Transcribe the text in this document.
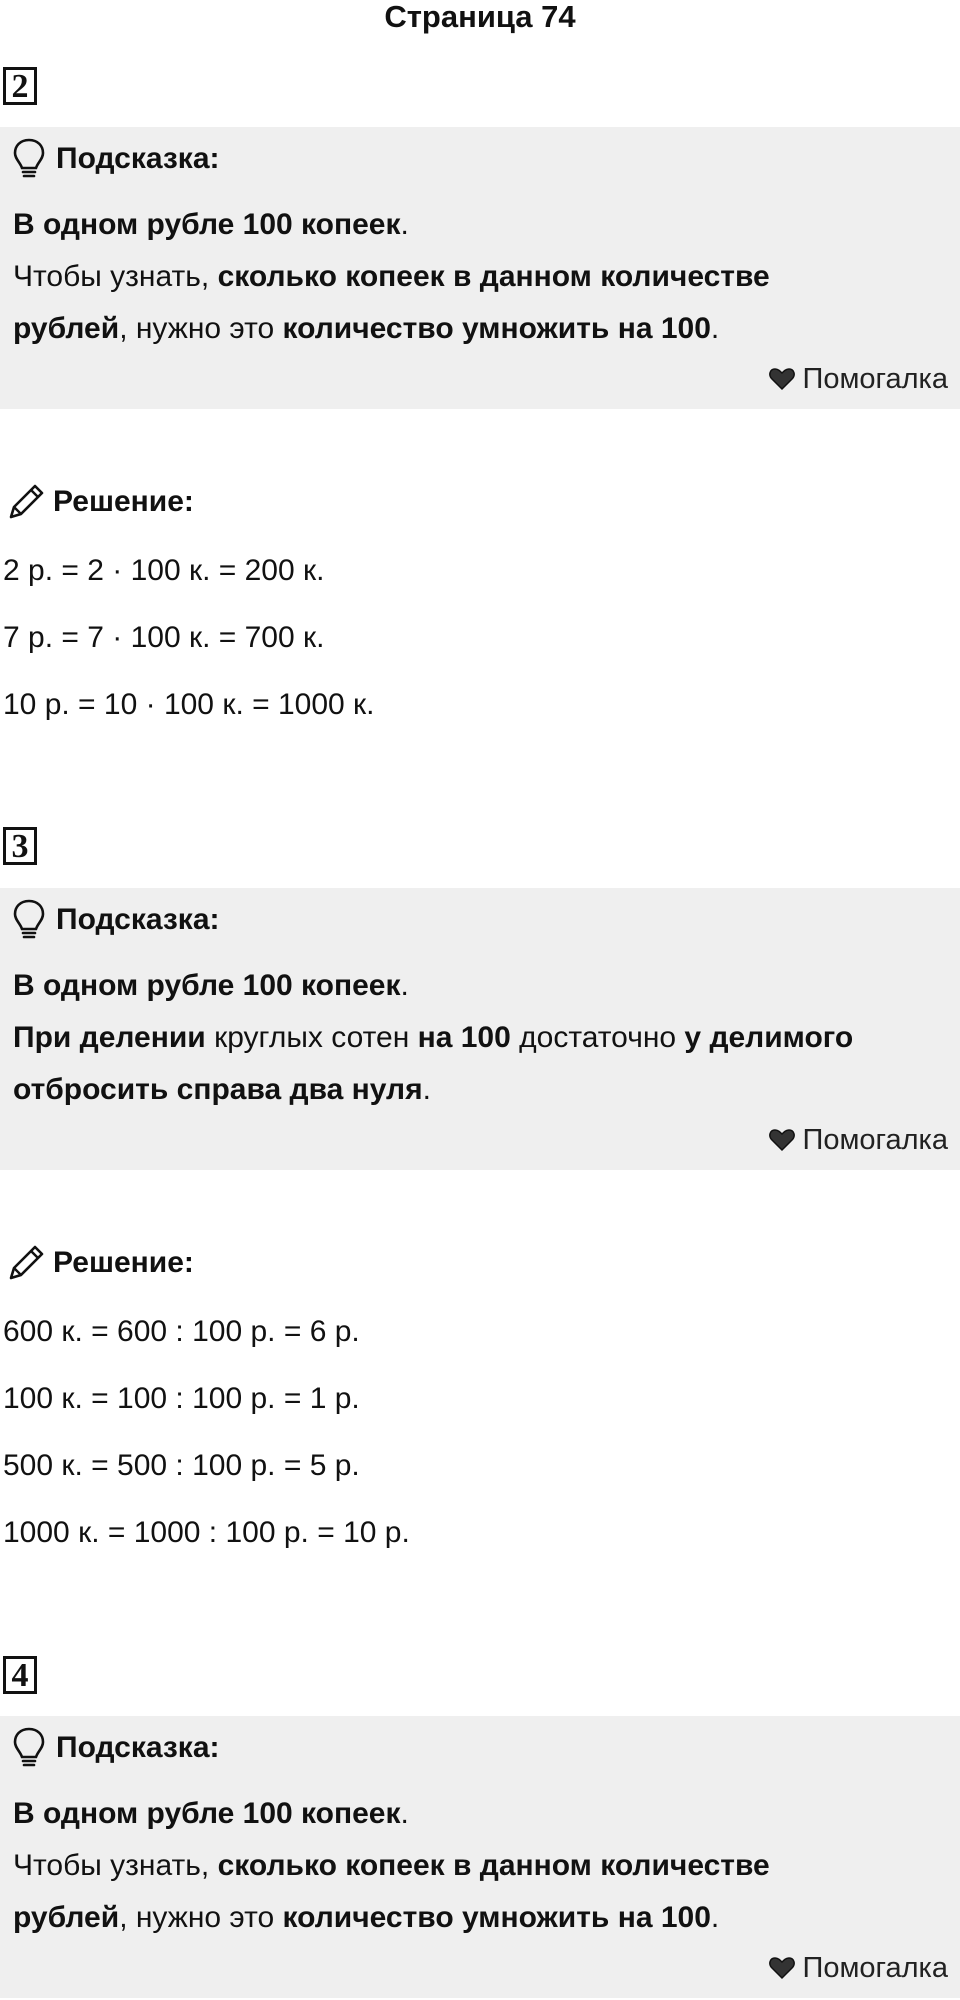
Страница 74
2
Подсказка:

В одном рубле 100 копеек.

Чтобы узнать, сколько копеек в данном количестве

рублей, нужно это количество умножить на 100.

Помогалка
Решение:
2 р. = 2 · 100 к. = 200 к.
7 р. = 7 · 100 к. = 700 к.
10 р. = 10 · 100 к. = 1000 к.
3
Подсказка:

В одном рубле 100 копеек.

При делении круглых сотен на 100 достаточно у делимого

отбросить справа два нуля.

Помогалка
Решение:
600 к. = 600 : 100 р. = 6 р.
100 к. = 100 : 100 р. = 1 р.
500 к. = 500 : 100 р. = 5 р.
1000 к. = 1000 : 100 р. = 10 р.
4
Подсказка:

В одном рубле 100 копеек.

Чтобы узнать, сколько копеек в данном количестве

рублей, нужно это количество умножить на 100.

Помогалка
